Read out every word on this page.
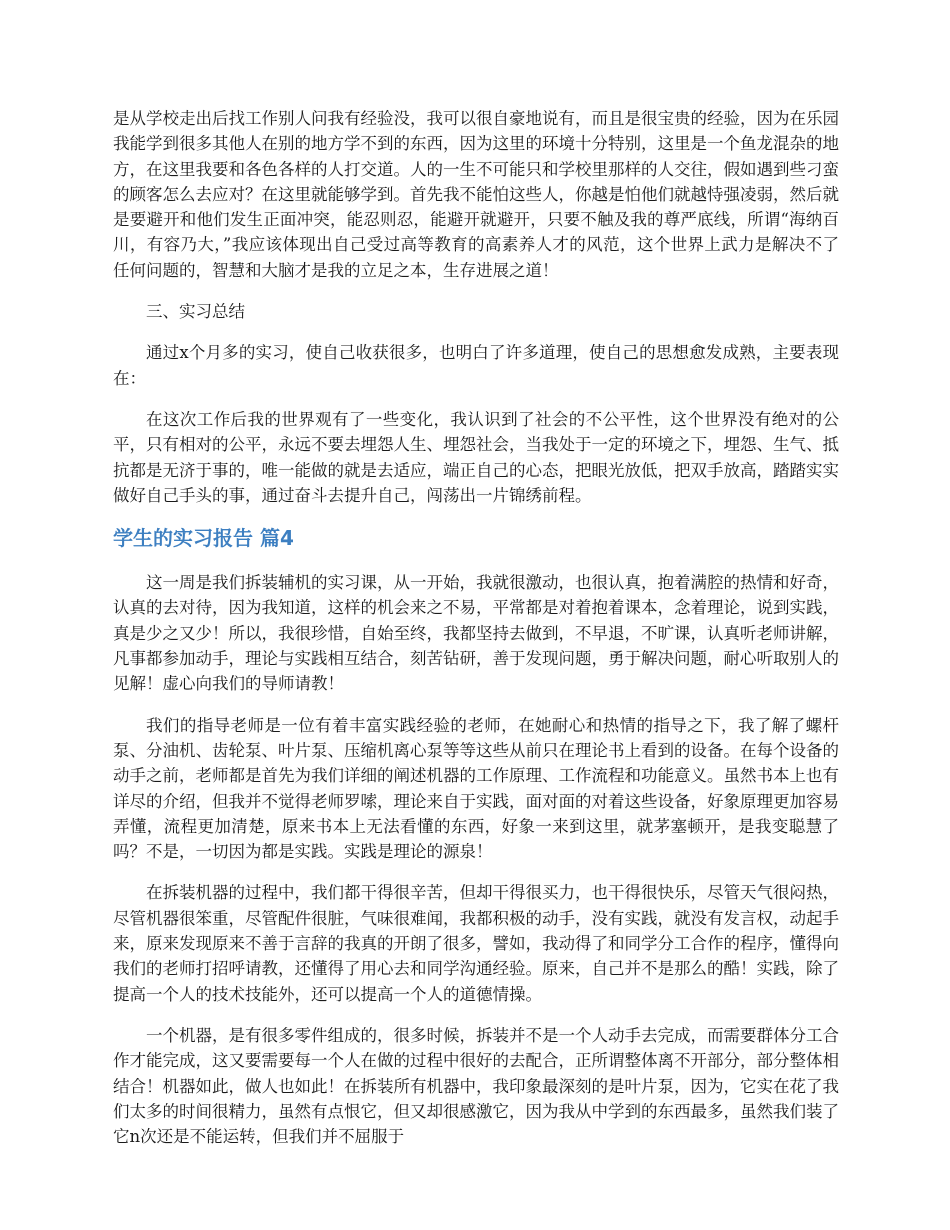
是从学校走出后找工作别人问我有经验没，我可以很自豪地说有，而且是很宝贵的经验，因为在乐园我能学到很多其他人在别的地方学不到的东西，因为这里的环境十分特别，这里是一个鱼龙混杂的地方，在这里我要和各色各样的人打交道。人的一生不可能只和学校里那样的人交往，假如遇到些刁蛮的顾客怎么去应对？在这里就能够学到。首先我不能怕这些人，你越是怕他们就越恃强凌弱，然后就是要避开和他们发生正面冲突，能忍则忍，能避开就避开，只要不触及我的尊严底线，所谓“海纳百川，有容乃大，”我应该体现出自己受过高等教育的高素养人才的风范，这个世界上武力是解决不了任何问题的，智慧和大脑才是我的立足之本，生存进展之道！

三、实习总结

通过x个月多的实习，使自己收获很多，也明白了许多道理，使自己的思想愈发成熟，主要表现在：

在这次工作后我的世界观有了一些变化，我认识到了社会的不公平性，这个世界没有绝对的公平，只有相对的公平，永远不要去埋怨人生、埋怨社会，当我处于一定的环境之下，埋怨、生气、抵抗都是无济于事的，唯一能做的就是去适应，端正自己的心态，把眼光放低，把双手放高，踏踏实实做好自己手头的事，通过奋斗去提升自己，闯荡出一片锦绣前程。

学生的实习报告 篇4

这一周是我们拆装辅机的实习课，从一开始，我就很激动，也很认真，抱着满腔的热情和好奇，认真的去对待，因为我知道，这样的机会来之不易，平常都是对着抱着课本，念着理论，说到实践，真是少之又少！所以，我很珍惜，自始至终，我都坚持去做到，不早退，不旷课，认真听老师讲解，凡事都参加动手，理论与实践相互结合，刻苦钻研，善于发现问题，勇于解决问题，耐心听取别人的见解！虚心向我们的导师请教！

我们的指导老师是一位有着丰富实践经验的老师，在她耐心和热情的指导之下，我了解了螺杆泵、分油机、齿轮泵、叶片泵、压缩机离心泵等等这些从前只在理论书上看到的设备。在每个设备的动手之前，老师都是首先为我们详细的阐述机器的工作原理、工作流程和功能意义。虽然书本上也有详尽的介绍，但我并不觉得老师罗嗦，理论来自于实践，面对面的对着这些设备，好象原理更加容易弄懂，流程更加清楚，原来书本上无法看懂的东西，好象一来到这里，就茅塞顿开，是我变聪慧了吗？不是，一切因为都是实践。实践是理论的源泉！

在拆装机器的过程中，我们都干得很辛苦，但却干得很买力，也干得很快乐，尽管天气很闷热，尽管机器很笨重，尽管配件很脏，气味很难闻，我都积极的动手，没有实践，就没有发言权，动起手来，原来发现原来不善于言辞的我真的开朗了很多，譬如，我动得了和同学分工合作的程序，懂得向我们的老师打招呼请教，还懂得了用心去和同学沟通经验。原来，自己并不是那么的酷！实践，除了提高一个人的技术技能外，还可以提高一个人的道德情操。

一个机器，是有很多零件组成的，很多时候，拆装并不是一个人动手去完成，而需要群体分工合作才能完成，这又要需要每一个人在做的过程中很好的去配合，正所谓整体离不开部分，部分整体相结合！机器如此，做人也如此！在拆装所有机器中，我印象最深刻的是叶片泵，因为，它实在花了我们太多的时间很精力，虽然有点恨它，但又却很感激它，因为我从中学到的东西最多，虽然我们装了它n次还是不能运转，但我们并不屈服于
